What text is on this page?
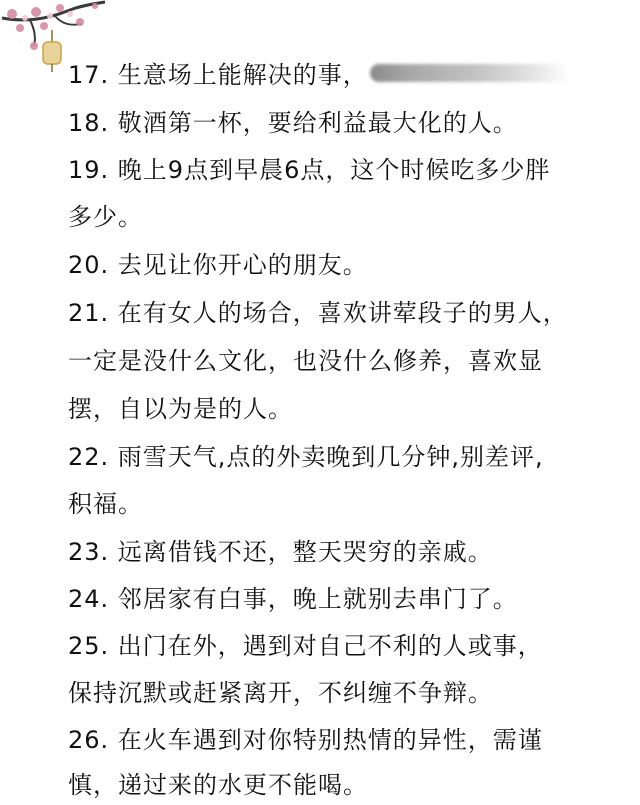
17. 生意场上能解决的事，
18. 敬酒第一杯，要给利益最大化的人。
19. 晚上9点到早晨6点，这个时候吃多少胖
多少。
20. 去见让你开心的朋友。
21. 在有女人的场合，喜欢讲荤段子的男人，
一定是没什么文化，也没什么修养，喜欢显
摆，自以为是的人。
22. 雨雪天气,点的外卖晚到几分钟,别差评,
积福。
23. 远离借钱不还，整天哭穷的亲戚。
24. 邻居家有白事，晚上就别去串门了。
25. 出门在外，遇到对自己不利的人或事，
保持沉默或赶紧离开，不纠缠不争辩。
26. 在火车遇到对你特别热情的异性，需谨
慎，递过来的水更不能喝。
